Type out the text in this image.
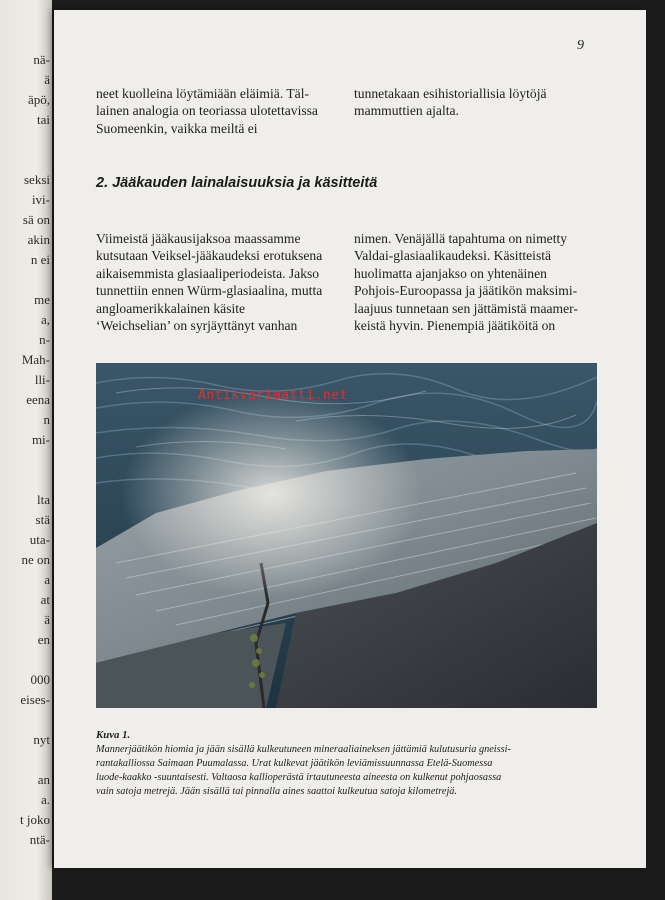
nä-
ä
äpö,
tai
seksi
ivi-
sä on
akin
n ei
me
a,
n-
Mah-
lli-
eena
n
mi-
lta
stä
uta-
ne on
a
at
ä
en
000
eises-
nyt
an
a.
t joko
ntä-
9
neet kuolleina löytämiään eläimiä. Täl-
lainen analogia on teoriassa ulotettavissa
Suomeenkin, vaikka meiltä ei
tunnetakaan esihistoriallisia löytöjä
mammuttien ajalta.
2. Jääkauden lainalaisuuksia ja käsitteitä
Viimeistä jääkausijaksoa maassamme
kutsutaan Veiksel-jääkaudeksi erotuksena
aikaisemmista glasiaaliperiodeista. Jakso
tunnettiin ennen Würm-glasiaalina, mutta
angloamerikkalainen käsite
‘Weichselian’ on syrjäyttänyt vanhan
nimen. Venäjällä tapahtuma on nimetty
Valdai-glasiaalikaudeksi. Käsitteistä
huolimatta ajanjakso on yhtenäinen
Pohjois-Euroopassa ja jäätikön maksimi-
laajuus tunnetaan sen jättämistä maamer-
keistä hyvin. Pienempiä jäätiköitä on
Kuva 1.
Mannerjäätikön hiomia ja jään sisällä kulkeutuneen mineraaliaineksen jättämiä kulutusuria gneissi-
rantakalliossa Saimaan Puumalassa. Urat kulkevat jäätikön leviämissuunnassa Etelä-Suomessa
luode-kaakko -suuntaisesti. Valtaosa kallioperästä irtautuneesta aineesta on kulkenut pohjaosassa
vain satoja metrejä. Jään sisällä tai pinnalla aines saattoi kulkeutua satoja kilometrejä.
Antikvariaatti.net
